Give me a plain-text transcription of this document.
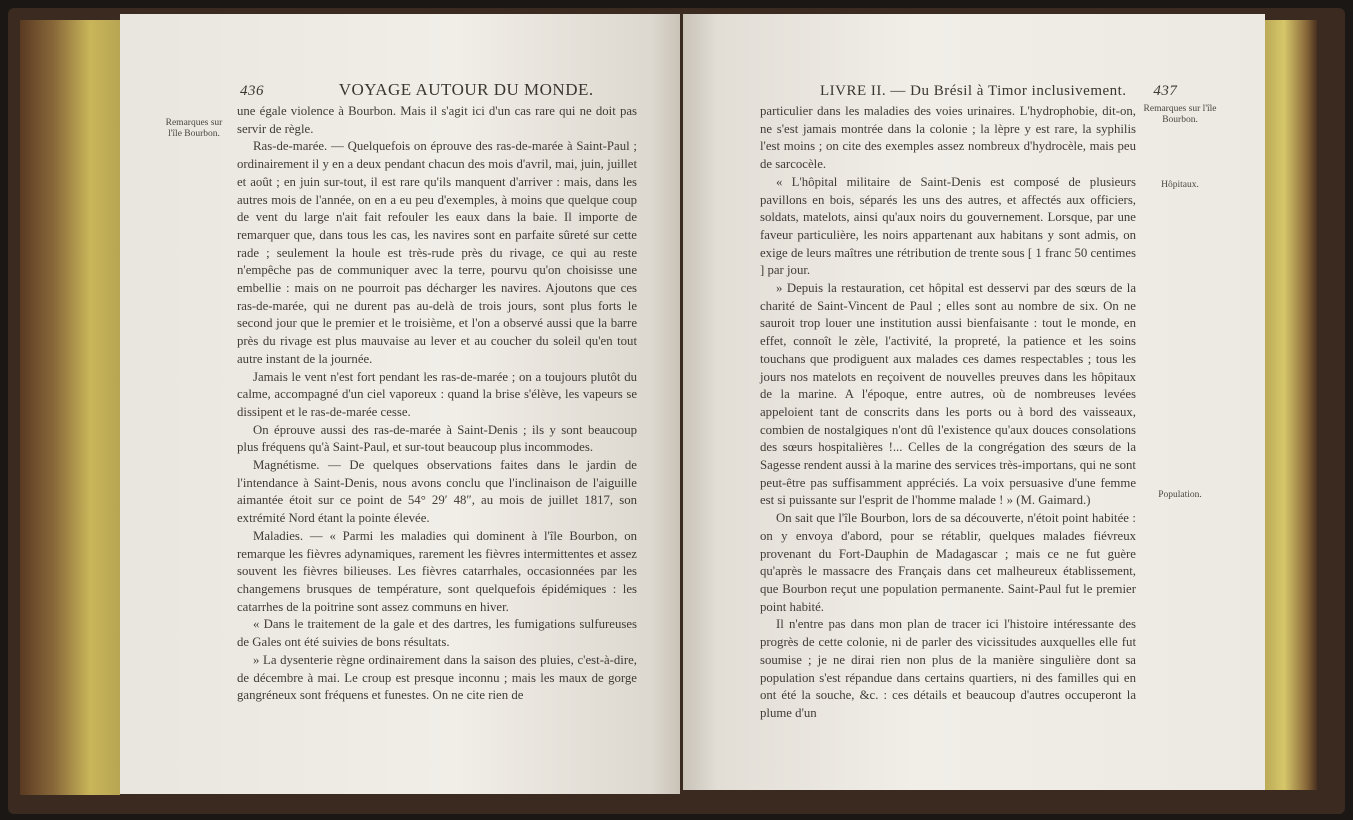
Remarques sur l'île Bourbon.
436	VOYAGE AUTOUR DU MONDE.

une égale violence à Bourbon. Mais il s'agit ici d'un cas rare qui ne doit pas servir de règle.

Ras-de-marée. — Quelquefois on éprouve des ras-de-marée à Saint-Paul ; ordinairement il y en a deux pendant chacun des mois d'avril, mai, juin, juillet et août ; en juin sur-tout, il est rare qu'ils manquent d'arriver : mais, dans les autres mois de l'année, on en a eu peu d'exemples, à moins que quelque coup de vent du large n'ait fait refouler les eaux dans la baie. Il importe de remarquer que, dans tous les cas, les navires sont en parfaite sûreté sur cette rade ; seulement la houle est très-rude près du rivage, ce qui au reste n'empêche pas de communiquer avec la terre, pourvu qu'on choisisse une embellie : mais on ne pourroit pas décharger les navires. Ajoutons que ces ras-de-marée, qui ne durent pas au-delà de trois jours, sont plus forts le second jour que le premier et le troisième, et l'on a observé aussi que la barre près du rivage est plus mauvaise au lever et au coucher du soleil qu'en tout autre instant de la journée.

Jamais le vent n'est fort pendant les ras-de-marée ; on a toujours plutôt du calme, accompagné d'un ciel vaporeux : quand la brise s'élève, les vapeurs se dissipent et le ras-de-marée cesse.

On éprouve aussi des ras-de-marée à Saint-Denis ; ils y sont beaucoup plus fréquens qu'à Saint-Paul, et sur-tout beaucoup plus incommodes.

Magnétisme. — De quelques observations faites dans le jardin de l'intendance à Saint-Denis, nous avons conclu que l'inclinaison de l'aiguille aimantée étoit sur ce point de 54° 29′ 48″, au mois de juillet 1817, son extrémité Nord étant la pointe élevée.

Maladies. — « Parmi les maladies qui dominent à l'île Bourbon, on remarque les fièvres adynamiques, rarement les fièvres intermittentes et assez souvent les fièvres bilieuses. Les fièvres catarrhales, occasionnées par les changemens brusques de température, sont quelquefois épidémiques : les catarrhes de la poitrine sont assez communs en hiver.

« Dans le traitement de la gale et des dartres, les fumigations sulfureuses de Gales ont été suivies de bons résultats.

» La dysenterie règne ordinairement dans la saison des pluies, c'est-à-dire, de décembre à mai. Le croup est presque inconnu ; mais les maux de gorge gangréneux sont fréquens et funestes. On ne cite rien de

LIVRE II. — Du Brésil à Timor inclusivement. 437
Remarques sur l'île Bourbon.
Hôpitaux.
Population.

particulier dans les maladies des voies urinaires. L'hydrophobie, dit-on, ne s'est jamais montrée dans la colonie ; la lèpre y est rare, la syphilis l'est moins ; on cite des exemples assez nombreux d'hydrocèle, mais peu de sarcocèle.

« L'hôpital militaire de Saint-Denis est composé de plusieurs pavillons en bois, séparés les uns des autres, et affectés aux officiers, soldats, matelots, ainsi qu'aux noirs du gouvernement. Lorsque, par une faveur particulière, les noirs appartenant aux habitans y sont admis, on exige de leurs maîtres une rétribution de trente sous [ 1 franc 50 centimes ] par jour.

» Depuis la restauration, cet hôpital est desservi par des sœurs de la charité de Saint-Vincent de Paul ; elles sont au nombre de six. On ne sauroit trop louer une institution aussi bienfaisante : tout le monde, en effet, connoît le zèle, l'activité, la propreté, la patience et les soins touchans que prodiguent aux malades ces dames respectables ; tous les jours nos matelots en reçoivent de nouvelles preuves dans les hôpitaux de la marine. A l'époque, entre autres, où de nombreuses levées appeloient tant de conscrits dans les ports ou à bord des vaisseaux, combien de nostalgiques n'ont dû l'existence qu'aux douces consolations des sœurs hospitalières !... Celles de la congrégation des sœurs de la Sagesse rendent aussi à la marine des services très-importans, qui ne sont peut-être pas suffisamment appréciés. La voix persuasive d'une femme est si puissante sur l'esprit de l'homme malade ! » (M. Gaimard.)

On sait que l'île Bourbon, lors de sa découverte, n'étoit point habitée : on y envoya d'abord, pour se rétablir, quelques malades fiévreux provenant du Fort-Dauphin de Madagascar ; mais ce ne fut guère qu'après le massacre des Français dans cet malheureux établissement, que Bourbon reçut une population permanente. Saint-Paul fut le premier point habité.

Il n'entre pas dans mon plan de tracer ici l'histoire intéressante des progrès de cette colonie, ni de parler des vicissitudes auxquelles elle fut soumise ; je ne dirai rien non plus de la manière singulière dont sa population s'est répandue dans certains quartiers, ni des familles qui en ont été la souche, &c. : ces détails et beaucoup d'autres occuperont la plume d'un
